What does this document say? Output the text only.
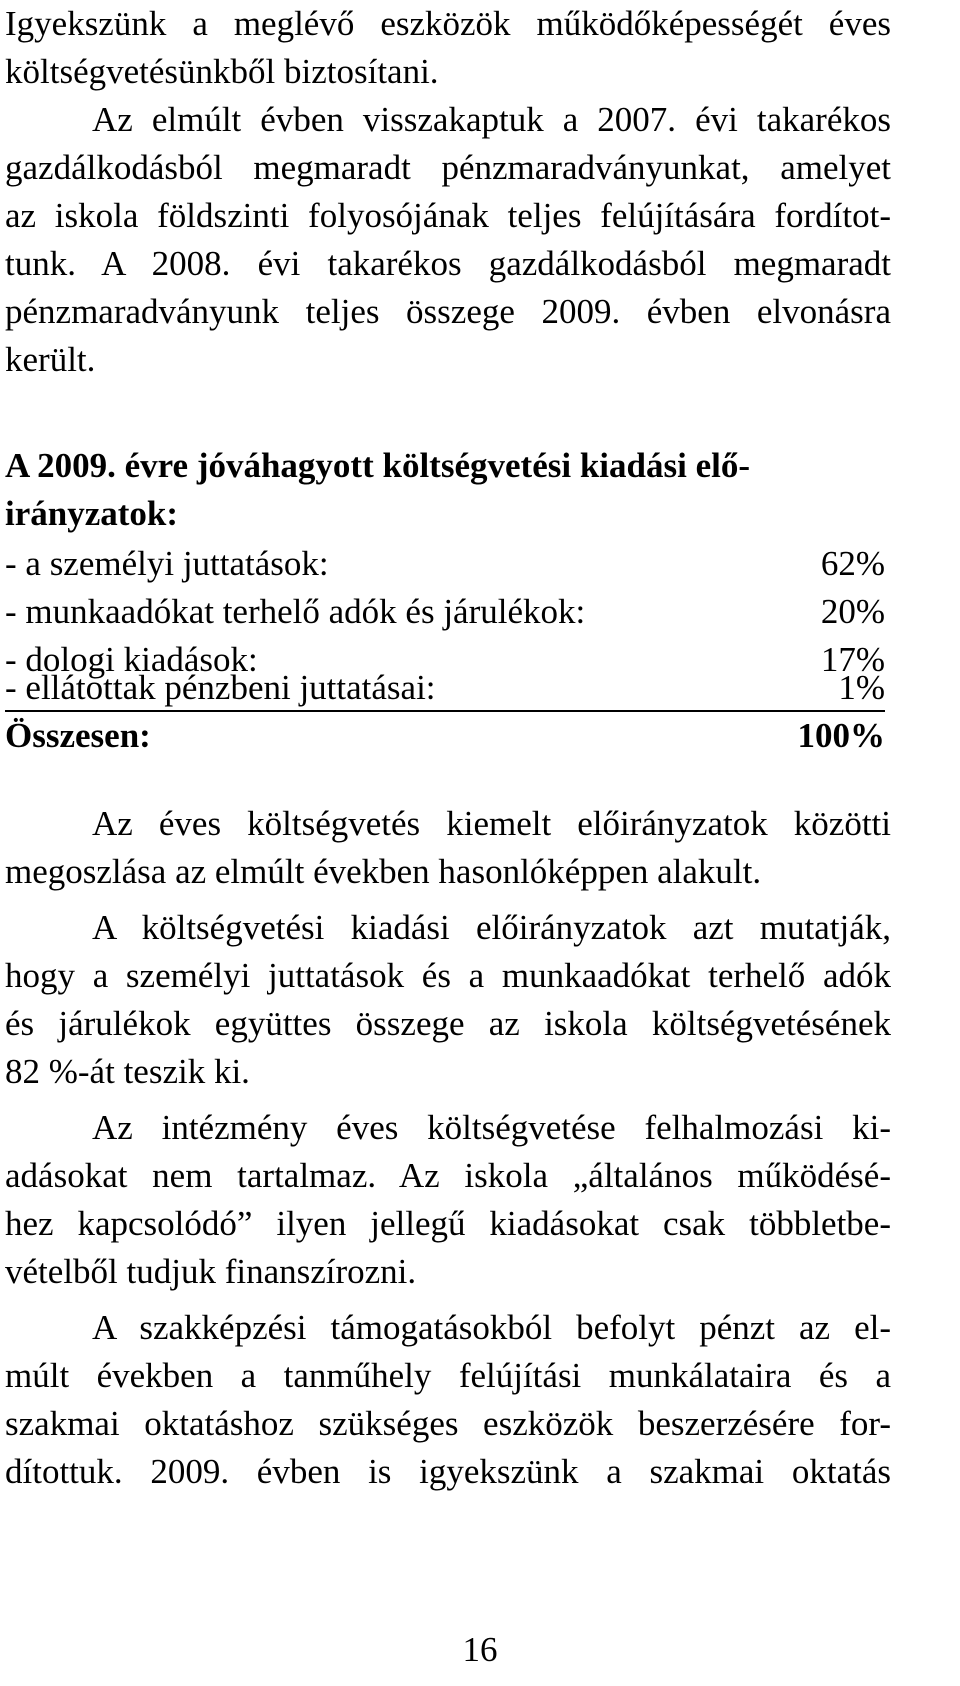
Igyekszünk a meglévő eszközök működőképességét éves
költségvetésünkből biztosítani.
Az elmúlt évben visszakaptuk a 2007. évi takarékos
gazdálkodásból megmaradt pénzmaradványunkat, amelyet
az iskola földszinti folyosójának teljes felújítására fordítot-
tunk. A 2008. évi takarékos gazdálkodásból megmaradt
pénzmaradványunk teljes összege 2009. évben elvonásra
került.
A 2009. évre jóváhagyott költségvetési kiadási elő-
irányzatok:
- a személyi juttatások:	62%
- munkaadókat terhelő adók és járulékok:	20%
- dologi kiadások:	17%
- ellátottak pénzbeni juttatásai:	1%
Összesen:	100%
Az éves költségvetés kiemelt előirányzatok közötti
megoszlása az elmúlt években hasonlóképpen alakult.
A költségvetési kiadási előirányzatok azt mutatják,
hogy a személyi juttatások és a munkaadókat terhelő adók
és járulékok együttes összege az iskola költségvetésének
82 %-át teszik ki.
Az intézmény éves költségvetése felhalmozási ki-
adásokat nem tartalmaz. Az iskola „általános működésé-
hez kapcsolódó” ilyen jellegű kiadásokat csak többletbe-
vételből tudjuk finanszírozni.
A szakképzési támogatásokból befolyt pénzt az el-
múlt években a tanműhely felújítási munkálataira és a
szakmai oktatáshoz szükséges eszközök beszerzésére for-
dítottuk. 2009. évben is igyekszünk a szakmai oktatás
16
